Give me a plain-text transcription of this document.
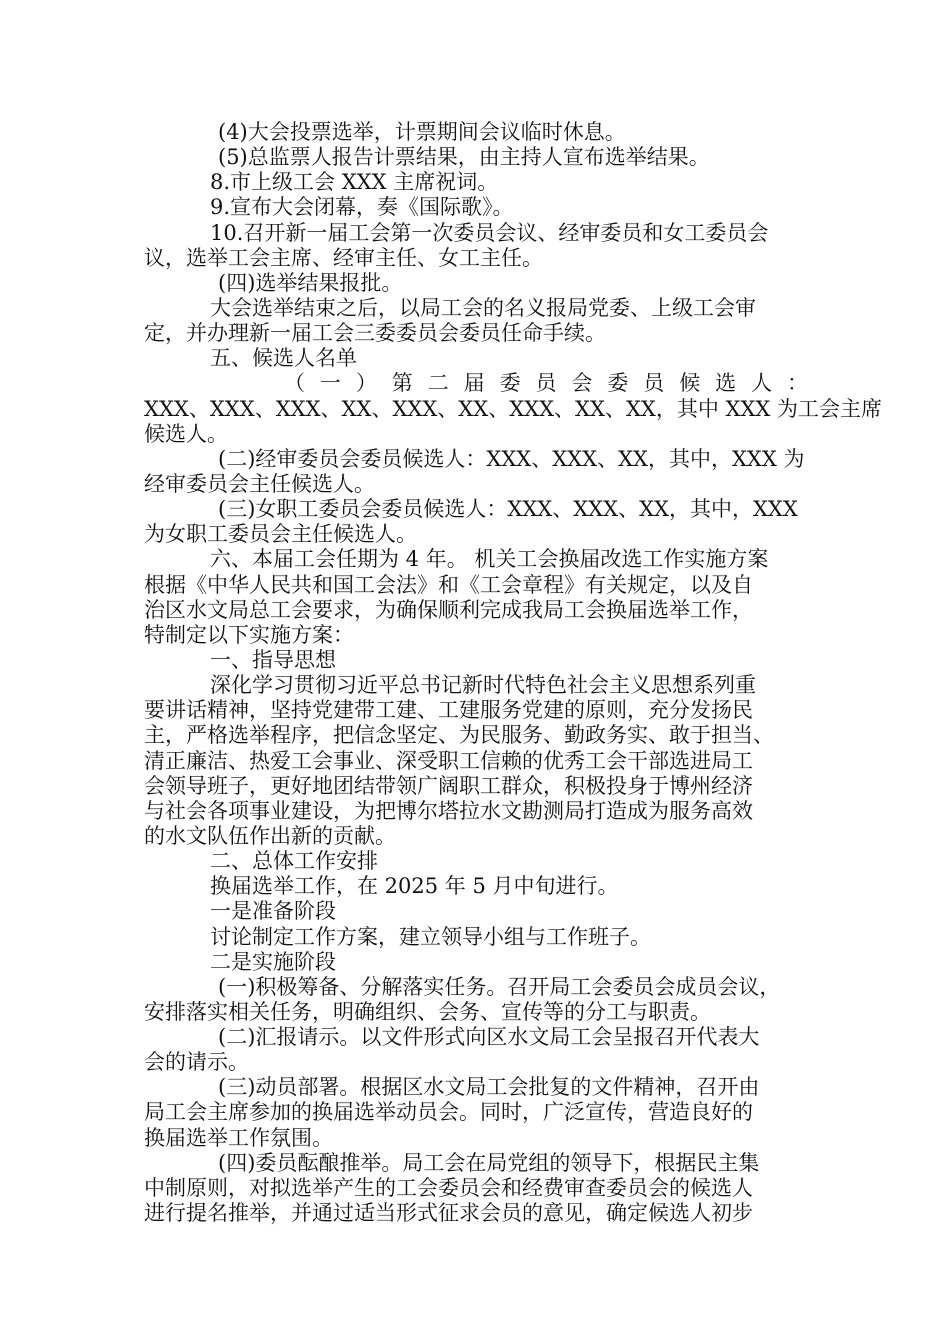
(4)大会投票选举，计票期间会议临时休息。
(5)总监票人报告计票结果，由主持人宣布选举结果。
8.市上级工会 XXX 主席祝词。
9.宣布大会闭幕，奏《国际歌》。
10.召开新一届工会第一次委员会议、经审委员和女工委员会
议，选举工会主席、经审主任、女工主任。
(四)选举结果报批。
大会选举结束之后，以局工会的名义报局党委、上级工会审
定，并办理新一届工会三委委员会委员任命手续。
五、候选人名单
（ 一 ） 第 二 届 委 员 会 委 员 候 选 人 ：
XXX、XXX、XXX、XX、XXX、XX、XXX、XX、XX，其中 XXX 为工会主席
候选人。
(二)经审委员会委员候选人：XXX、XXX、XX，其中，XXX 为
经审委员会主任候选人。
(三)女职工委员会委员候选人：XXX、XXX、XX，其中，XXX
为女职工委员会主任候选人。
六、本届工会任期为 4 年。 机关工会换届改选工作实施方案
根据《中华人民共和国工会法》和《工会章程》有关规定，以及自
治区水文局总工会要求，为确保顺利完成我局工会换届选举工作，
特制定以下实施方案：
一、指导思想
深化学习贯彻习近平总书记新时代特色社会主义思想系列重
要讲话精神，坚持党建带工建、工建服务党建的原则，充分发扬民
主，严格选举程序，把信念坚定、为民服务、勤政务实、敢于担当、
清正廉洁、热爱工会事业、深受职工信赖的优秀工会干部选进局工
会领导班子，更好地团结带领广阔职工群众，积极投身于博州经济
与社会各项事业建设，为把博尔塔拉水文勘测局打造成为服务高效
的水文队伍作出新的贡献。
二、总体工作安排
换届选举工作，在 2025 年 5 月中旬进行。
一是准备阶段
讨论制定工作方案，建立领导小组与工作班子。
二是实施阶段
(一)积极筹备、分解落实任务。召开局工会委员会成员会议，
安排落实相关任务，明确组织、会务、宣传等的分工与职责。
(二)汇报请示。以文件形式向区水文局工会呈报召开代表大
会的请示。
(三)动员部署。根据区水文局工会批复的文件精神，召开由
局工会主席参加的换届选举动员会。同时，广泛宣传，营造良好的
换届选举工作氛围。
(四)委员酝酿推举。局工会在局党组的领导下，根据民主集
中制原则，对拟选举产生的工会委员会和经费审查委员会的候选人
进行提名推举，并通过适当形式征求会员的意见，确定候选人初步
